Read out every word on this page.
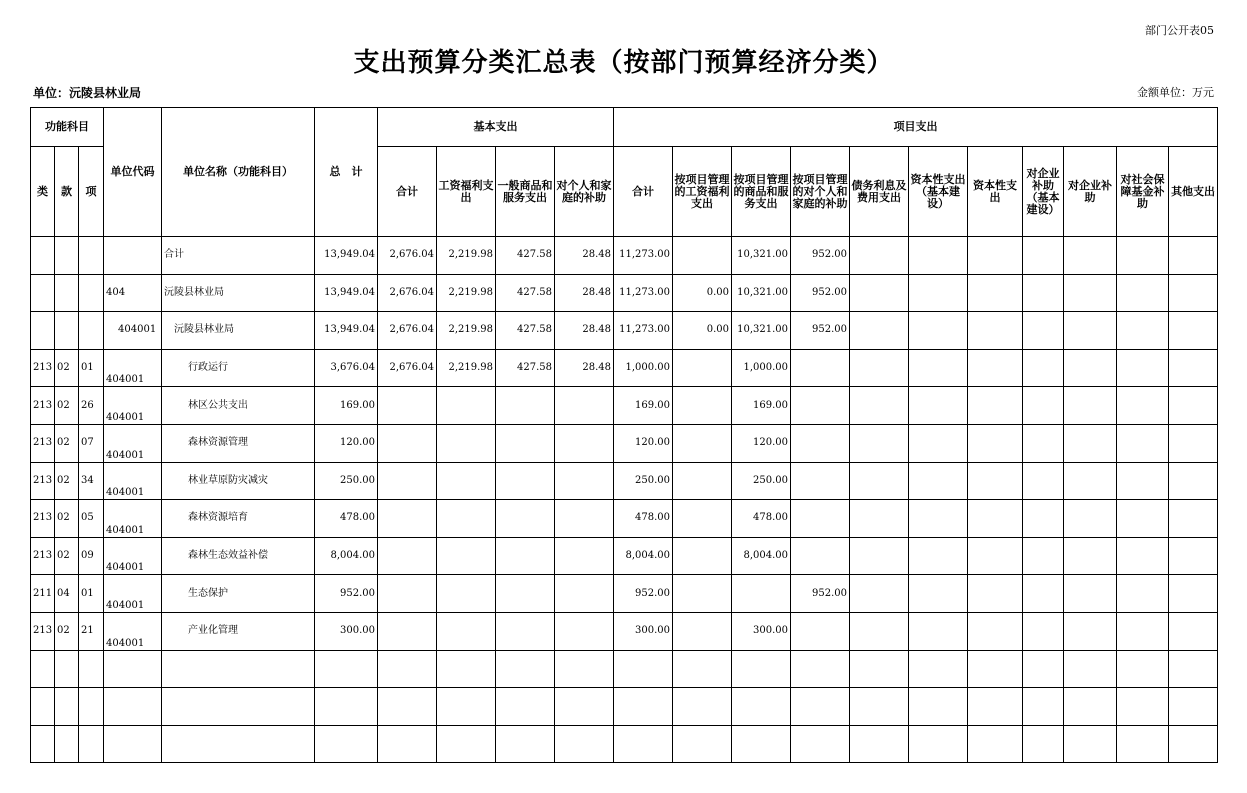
部门公开表05
支出预算分类汇总表（按部门预算经济分类）
单位：沅陵县林业局	金额单位：万元
功能科目			单位代码	单位名称（功能科目）	总　计	基本支出				项目支出										
类	款	项				合计	工资福利支出	一般商品和服务支出	对个人和家庭的补助	合计	按项目管理的工资福利支出	按项目管理的商品和服务支出	按项目管理的对个人和家庭的补助	债务利息及费用支出	资本性支出（基本建设）	资本性支出	对企业补助（基本建设）	对企业补助	对社会保障基金补助	其他支出
				合计	13,949.04	2,676.04	2,219.98	427.58	28.48	11,273.00		10,321.00	952.00							
			404	沅陵县林业局	13,949.04	2,676.04	2,219.98	427.58	28.48	11,273.00	0.00	10,321.00	952.00							
			404001	沅陵县林业局	13,949.04	2,676.04	2,219.98	427.58	28.48	11,273.00	0.00	10,321.00	952.00							
213	02	01	404001	行政运行	3,676.04	2,676.04	2,219.98	427.58	28.48	1,000.00		1,000.00								
213	02	26	404001	林区公共支出	169.00					169.00		169.00								
213	02	07	404001	森林资源管理	120.00					120.00		120.00								
213	02	34	404001	林业草原防灾减灾	250.00					250.00		250.00								
213	02	05	404001	森林资源培育	478.00					478.00		478.00								
213	02	09	404001	森林生态效益补偿	8,004.00					8,004.00		8,004.00								
211	04	01	404001	生态保护	952.00					952.00			952.00							
213	02	21	404001	产业化管理	300.00					300.00		300.00								
